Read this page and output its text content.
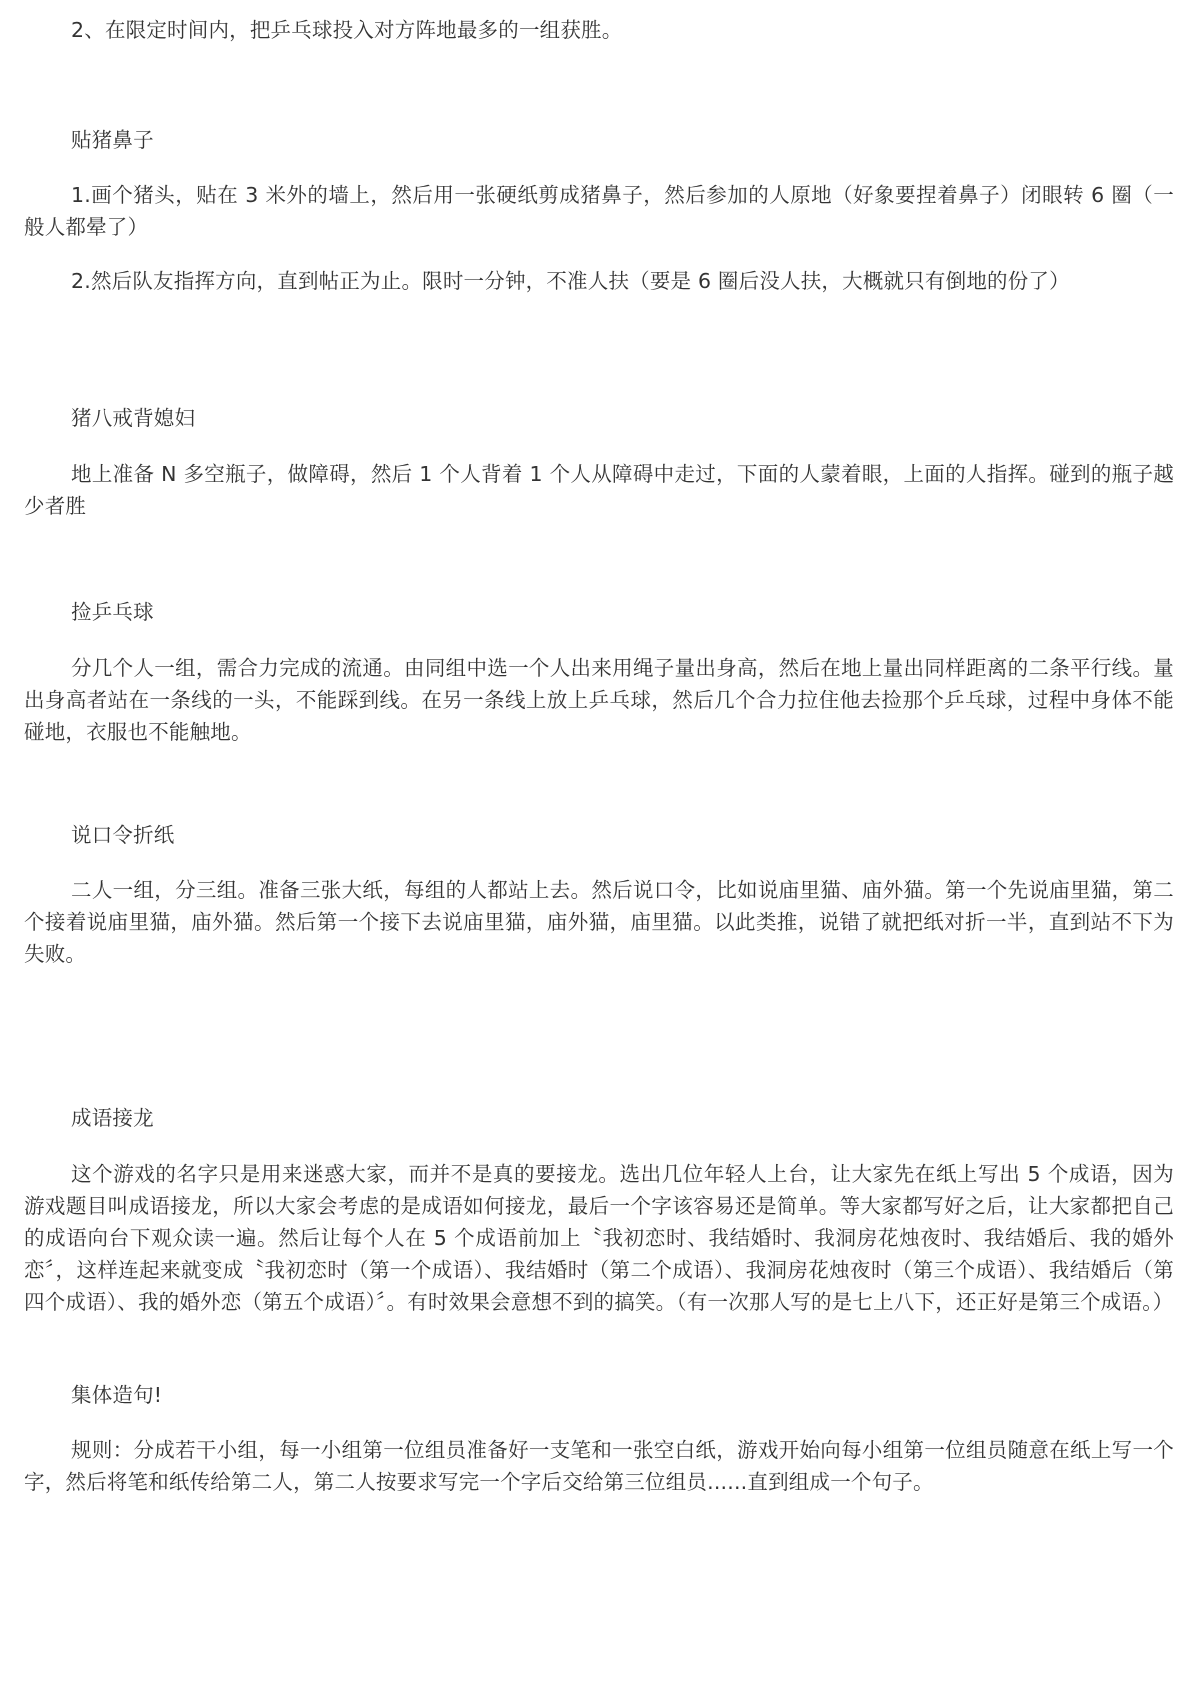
2、在限定时间内，把乒乓球投入对方阵地最多的一组获胜。

贴猪鼻子

1.画个猪头，贴在 3 米外的墙上，然后用一张硬纸剪成猪鼻子，然后参加的人原地（好象要捏着鼻子）闭眼转 6 圈（一般人都晕了）

2.然后队友指挥方向，直到帖正为止。限时一分钟，不准人扶（要是 6 圈后没人扶，大概就只有倒地的份了）

猪八戒背媳妇

地上准备 N 多空瓶子，做障碍，然后 1 个人背着 1 个人从障碍中走过，下面的人蒙着眼，上面的人指挥。碰到的瓶子越少者胜

捡乒乓球

分几个人一组，需合力完成的流通。由同组中选一个人出来用绳子量出身高，然后在地上量出同样距离的二条平行线。量出身高者站在一条线的一头，不能踩到线。在另一条线上放上乒乓球，然后几个合力拉住他去捡那个乒乓球，过程中身体不能碰地，衣服也不能触地。

说口令折纸

二人一组，分三组。准备三张大纸，每组的人都站上去。然后说口令，比如说庙里猫、庙外猫。第一个先说庙里猫，第二个接着说庙里猫，庙外猫。然后第一个接下去说庙里猫，庙外猫，庙里猫。以此类推，说错了就把纸对折一半，直到站不下为失败。

成语接龙

这个游戏的名字只是用来迷惑大家，而并不是真的要接龙。选出几位年轻人上台，让大家先在纸上写出 5 个成语，因为游戏题目叫成语接龙，所以大家会考虑的是成语如何接龙，最后一个字该容易还是简单。等大家都写好之后，让大家都把自己的成语向台下观众读一遍。然后让每个人在 5 个成语前加上〝我初恋时、我结婚时、我洞房花烛夜时、我结婚后、我的婚外恋〞，这样连起来就变成〝我初恋时（第一个成语）、我结婚时（第二个成语）、我洞房花烛夜时（第三个成语）、我结婚后（第四个成语）、我的婚外恋（第五个成语）〞。有时效果会意想不到的搞笑。（有一次那人写的是七上八下，还正好是第三个成语。）

集体造句!

规则：分成若干小组，每一小组第一位组员准备好一支笔和一张空白纸，游戏开始向每小组第一位组员随意在纸上写一个字，然后将笔和纸传给第二人，第二人按要求写完一个字后交给第三位组员......直到组成一个句子。
